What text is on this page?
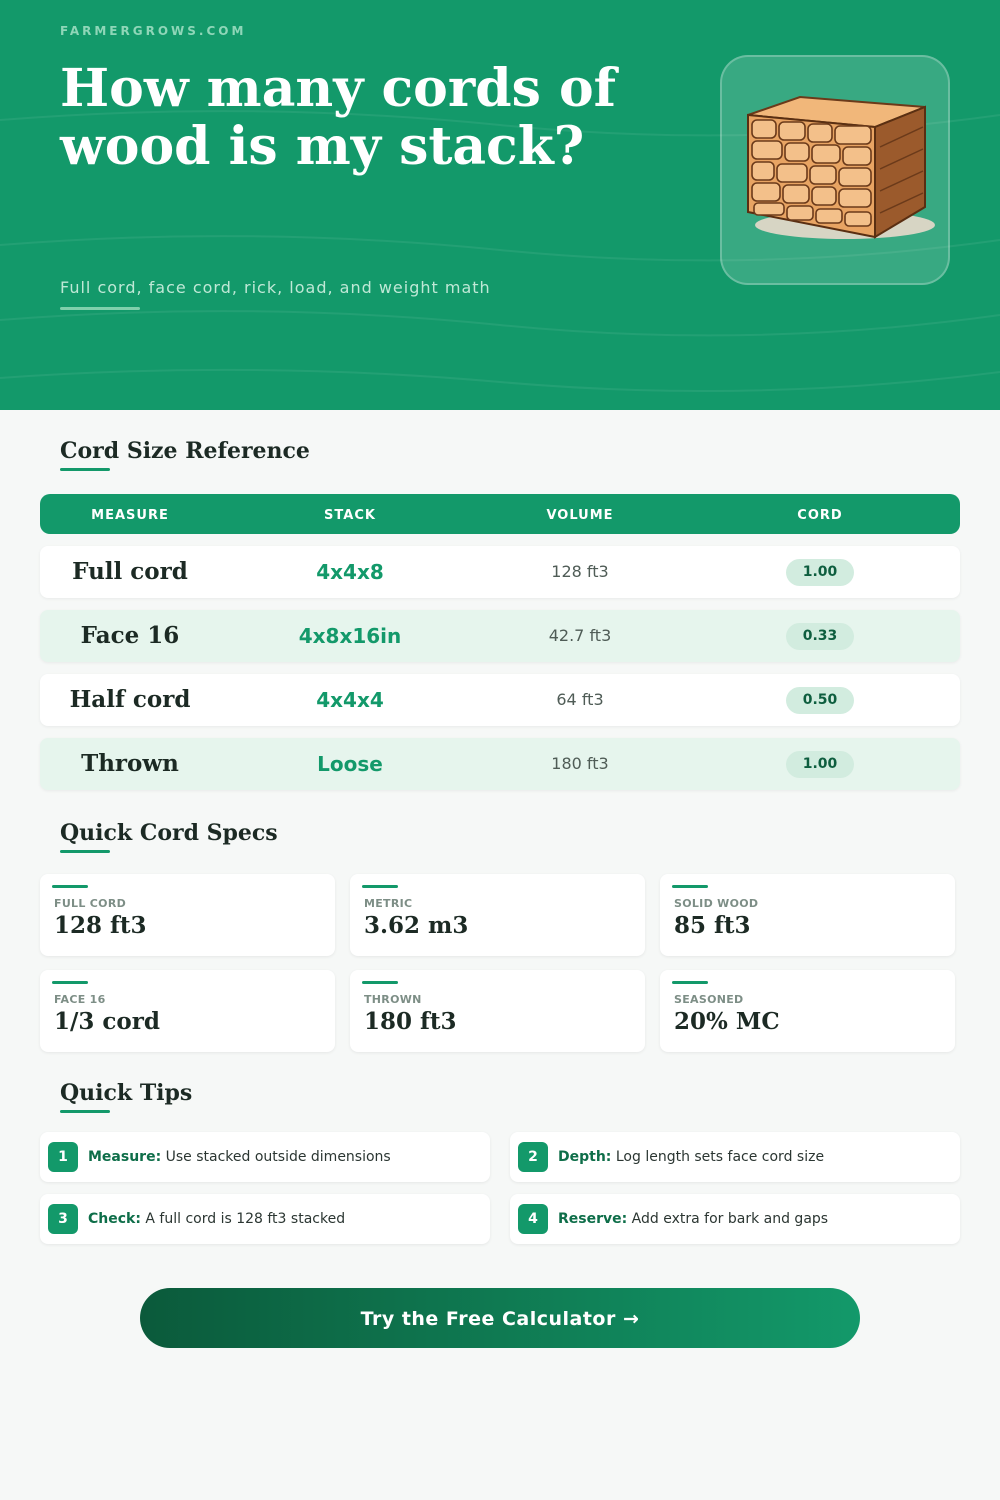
FARMERGROWS.COM
How many cords of wood is my stack?
Full cord, face cord, rick, load, and weight math
Cord Size Reference
MEASURE	STACK	VOLUME	CORD
Full cord	4x4x8	128 ft3	1.00
Face 16	4x8x16in	42.7 ft3	0.33
Half cord	4x4x4	64 ft3	0.50
Thrown	Loose	180 ft3	1.00
Quick Cord Specs
FULL CORD
128 ft3
METRIC
3.62 m3
SOLID WOOD
85 ft3
FACE 16
1/3 cord
THROWN
180 ft3
SEASONED
20% MC
Quick Tips
1	Measure: Use stacked outside dimensions	2	Depth: Log length sets face cord size
3	Check: A full cord is 128 ft3 stacked	4	Reserve: Add extra for bark and gaps
Try the Free Calculator →
